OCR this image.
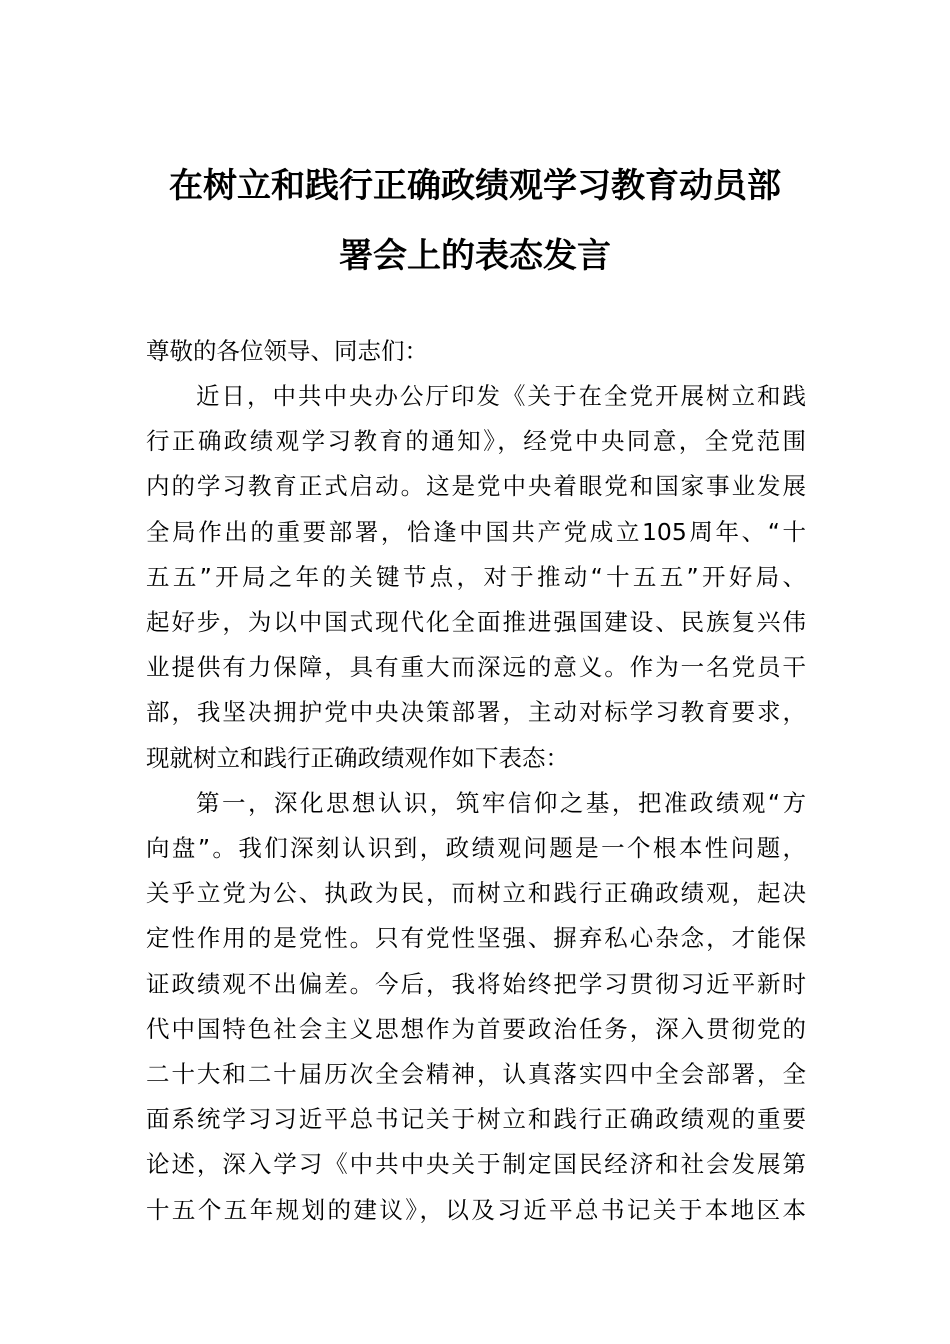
在树立和践行正确政绩观学习教育动员部
署会上的表态发言
尊敬的各位领导、同志们：
近日，中共中央办公厅印发《关于在全党开展树立和践
行正确政绩观学习教育的通知》，经党中央同意，全党范围
内的学习教育正式启动。这是党中央着眼党和国家事业发展
全局作出的重要部署，恰逢中国共产党成立105周年、“十
五五”开局之年的关键节点，对于推动“十五五”开好局、
起好步，为以中国式现代化全面推进强国建设、民族复兴伟
业提供有力保障，具有重大而深远的意义。作为一名党员干
部，我坚决拥护党中央决策部署，主动对标学习教育要求，
现就树立和践行正确政绩观作如下表态：
第一，深化思想认识，筑牢信仰之基，把准政绩观“方
向盘”。我们深刻认识到，政绩观问题是一个根本性问题，
关乎立党为公、执政为民，而树立和践行正确政绩观，起决
定性作用的是党性。只有党性坚强、摒弃私心杂念，才能保
证政绩观不出偏差。今后，我将始终把学习贯彻习近平新时
代中国特色社会主义思想作为首要政治任务，深入贯彻党的
二十大和二十届历次全会精神，认真落实四中全会部署，全
面系统学习习近平总书记关于树立和践行正确政绩观的重要
论述，深入学习《中共中央关于制定国民经济和社会发展第
十五个五年规划的建议》，以及习近平总书记关于本地区本
